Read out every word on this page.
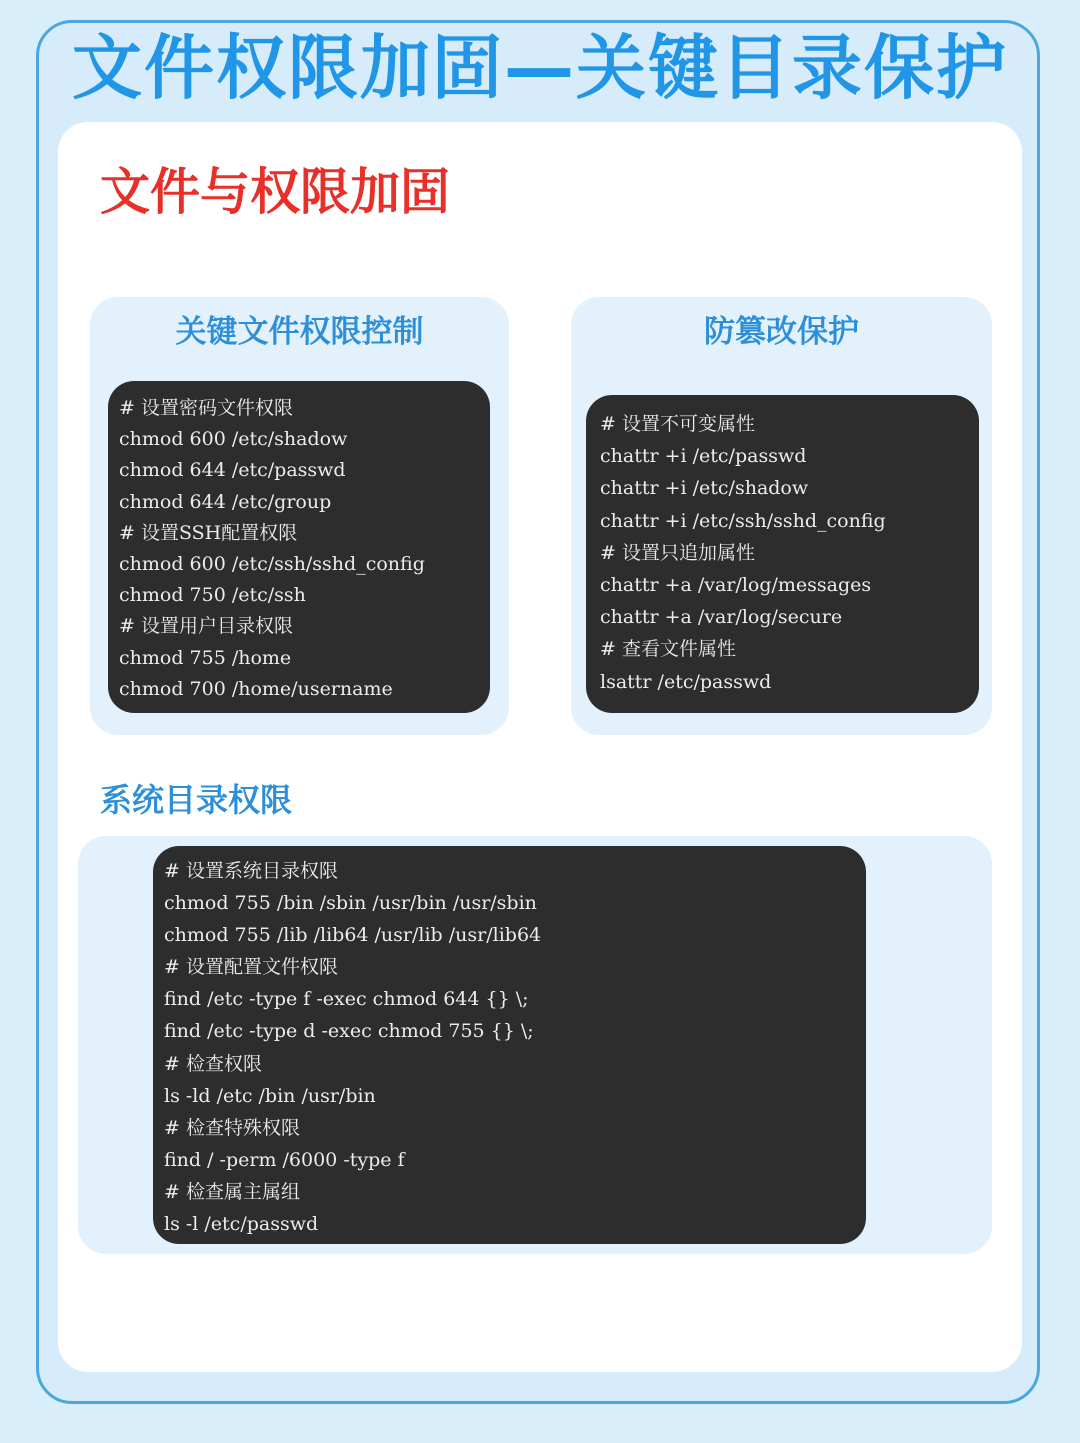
文件权限加固—关键目录保护
文件与权限加固
关键文件权限控制
# 设置密码文件权限
chmod 600 /etc/shadow
chmod 644 /etc/passwd
chmod 644 /etc/group
# 设置SSH配置权限
chmod 600 /etc/ssh/sshd_config
chmod 750 /etc/ssh
# 设置用户目录权限
chmod 755 /home
chmod 700 /home/username
防篡改保护
# 设置不可变属性
chattr +i /etc/passwd
chattr +i /etc/shadow
chattr +i /etc/ssh/sshd_config
# 设置只追加属性
chattr +a /var/log/messages
chattr +a /var/log/secure
# 查看文件属性
lsattr /etc/passwd
系统目录权限
# 设置系统目录权限
chmod 755 /bin /sbin /usr/bin /usr/sbin
chmod 755 /lib /lib64 /usr/lib /usr/lib64
# 设置配置文件权限
find /etc -type f -exec chmod 644 {} \;
find /etc -type d -exec chmod 755 {} \;
# 检查权限
ls -ld /etc /bin /usr/bin
# 检查特殊权限
find / -perm /6000 -type f
# 检查属主属组
ls -l /etc/passwd
